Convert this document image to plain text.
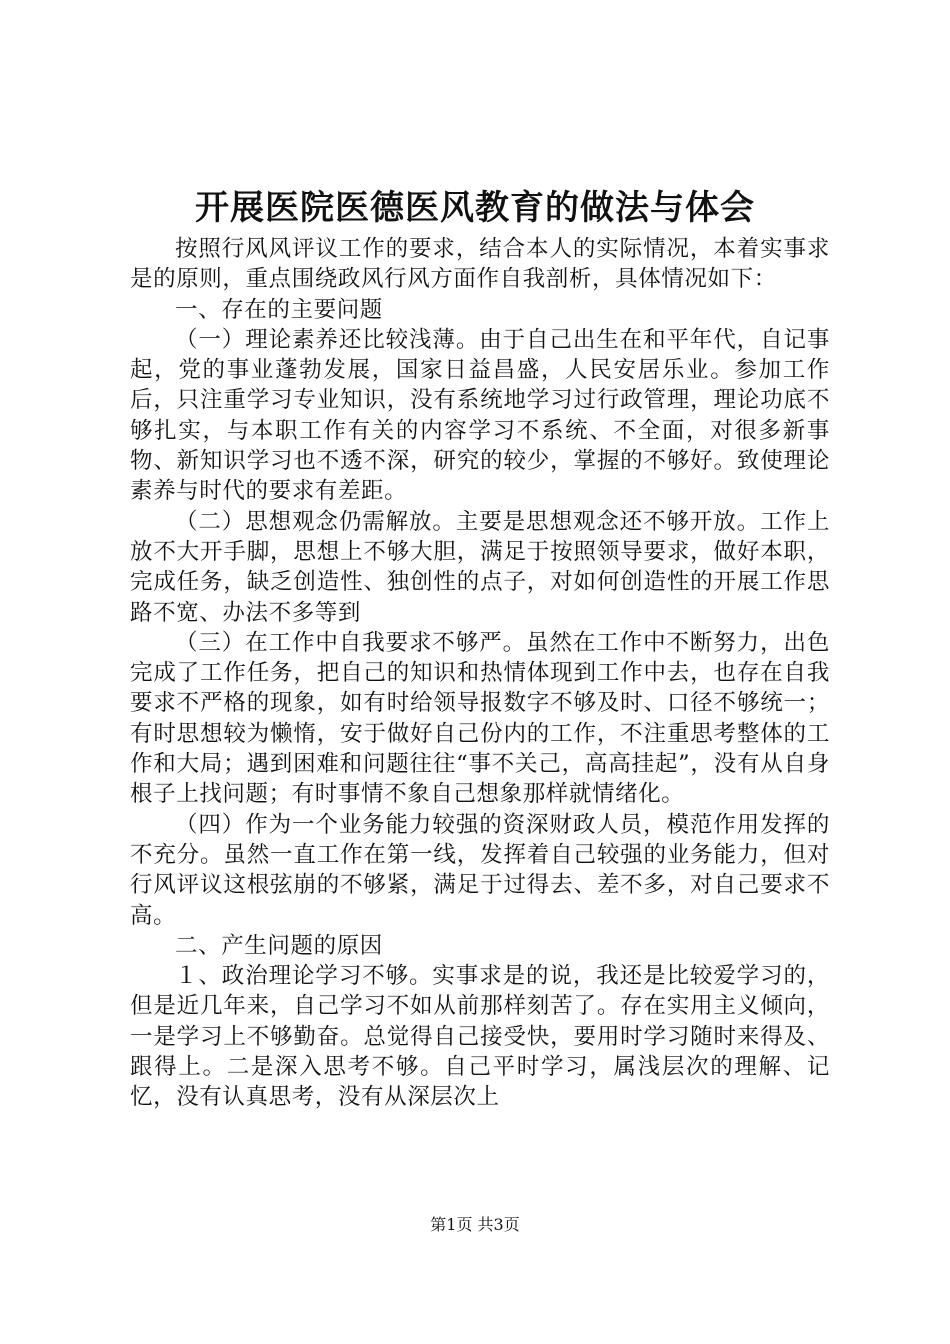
开展医院医德医风教育的做法与体会

按照行风风评议工作的要求，结合本人的实际情况，本着实事求是的原则，重点围绕政风行风方面作自我剖析，具体情况如下：

一、存在的主要问题

（一）理论素养还比较浅薄。由于自己出生在和平年代，自记事起，党的事业蓬勃发展，国家日益昌盛，人民安居乐业。参加工作后，只注重学习专业知识，没有系统地学习过行政管理，理论功底不够扎实，与本职工作有关的内容学习不系统、不全面，对很多新事物、新知识学习也不透不深，研究的较少，掌握的不够好。致使理论素养与时代的要求有差距。

（二）思想观念仍需解放。主要是思想观念还不够开放。工作上放不大开手脚，思想上不够大胆，满足于按照领导要求，做好本职，完成任务，缺乏创造性、独创性的点子，对如何创造性的开展工作思路不宽、办法不多等到

（三）在工作中自我要求不够严。虽然在工作中不断努力，出色完成了工作任务，把自己的知识和热情体现到工作中去，也存在自我要求不严格的现象，如有时给领导报数字不够及时、口径不够统一；有时思想较为懒惰，安于做好自己份内的工作，不注重思考整体的工作和大局；遇到困难和问题往往“事不关己，高高挂起”，没有从自身根子上找问题；有时事情不象自己想象那样就情绪化。

（四）作为一个业务能力较强的资深财政人员，模范作用发挥的不充分。虽然一直工作在第一线，发挥着自己较强的业务能力，但对行风评议这根弦崩的不够紧，满足于过得去、差不多，对自己要求不高。

二、产生问题的原因

１、政治理论学习不够。实事求是的说，我还是比较爱学习的，但是近几年来，自己学习不如从前那样刻苦了。存在实用主义倾向，一是学习上不够勤奋。总觉得自己接受快，要用时学习随时来得及、跟得上。二是深入思考不够。自己平时学习，属浅层次的理解、记忆，没有认真思考，没有从深层次上

第1页 共3页
